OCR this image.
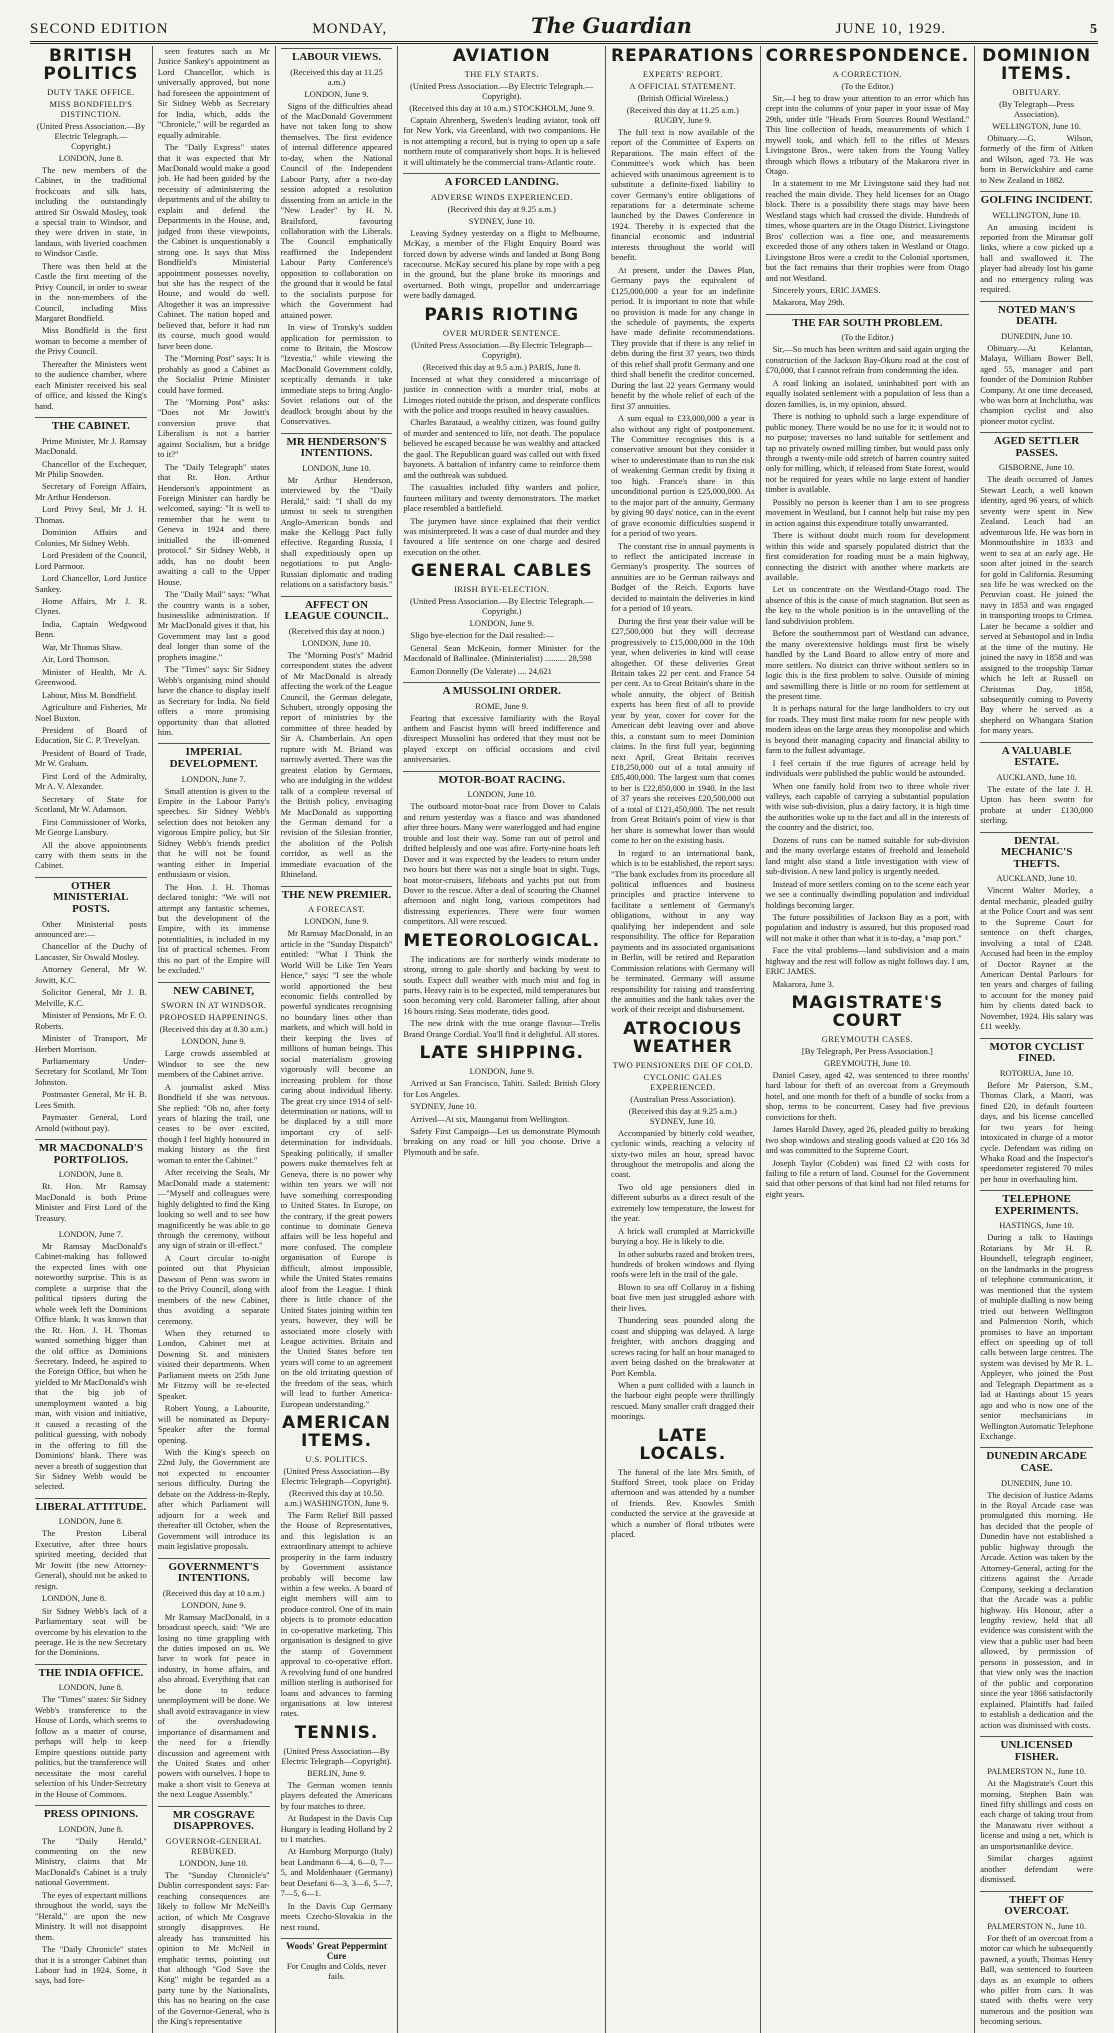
SECOND EDITION	MONDAY,	The Guardian	JUNE 10, 1929.	5
BRITISH POLITICS
DUTY TAKE OFFICE.
MISS BONDFIELD'S DISTINCTION.
(United Press Association.—By Electric Telegraph.—Copyright.)
LONDON, June 8.

The new members of the Cabinet, in the traditional frockcoats and silk hats, including the outstandingly attired Sir Oswald Mosley, took a special train to Windsor, and they were driven in state, in landaus, with liveried coachmen to Windsor Castle.

There was then held at the Castle the first meeting of the Privy Council, in order to swear in the non-members of the Council, including Miss Margaret Bondfield.

Miss Bondfield is the first woman to become a member of the Privy Council.

Thereafter the Ministers went to the audience chamber, where each Minister received his seal of office, and kissed the King's hand.

THE CABINET.

Prime Minister, Mr J. Ramsay MacDonald.

Chancellor of the Exchequer, Mr Philip Snowden.

Secretary of Foreign Affairs, Mr Arthur Henderson.

Lord Privy Seal, Mr J. H. Thomas.

Dominion Affairs and Colonies, Mr Sidney Webb.

Lord President of the Council, Lord Parmoor.

Lord Chancellor, Lord Justice Sankey.

Home Affairs, Mr J. R. Clynes.

India, Captain Wedgwood Benn.

War, Mr Thomas Shaw.

Air, Lord Thomson.

Minister of Health, Mr A. Greenwood.

Labour, Miss M. Bondfield.

Agriculture and Fisheries, Mr Noel Buxton.

President of Board of Education, Sir C. P. Trevelyan.

President of Board of Trade, Mr W. Graham.

First Lord of the Admiralty, Mr A. V. Alexander.

Secretary of State for Scotland, Mr W. Adamson.

First Commissioner of Works, Mr George Lansbury.

All the above appointments carry with them seats in the Cabinet.

OTHER MINISTERIAL POSTS.

Other Ministerial posts announced are:—

Chancellor of the Duchy of Lancaster, Sir Oswald Mosley.

Attorney General, Mr W. Jowitt, K.C.

Solicitor General, Mr J. B. Melville, K.C.

Minister of Pensions, Mr F. O. Roberts.

Minister of Transport, Mr Herbert Morrison.

Parliamentary Under-Secretary for Scotland, Mr Tom Johnston.

Postmaster General, Mr H. B. Lees Smith.

Paymaster General, Lord Arnold (without pay).

MR MACDONALD'S PORTFOLIOS.
LONDON, June 8.

Rt. Hon. Mr Ramsay MacDonald is both Prime Minister and First Lord of the Treasury.

LONDON, June 7.

Mr Ramsay MacDonald's Cabinet-making has followed the expected lines with one noteworthy surprise. This is as complete a surprise that the political tipsters during the whole week left the Dominions Office blank. It was known that the Rt. Hon. J. H. Thomas wanted something bigger than the old office as Dominions Secretary. Indeed, he aspired to the Foreign Office, but when he yielded to Mr MacDonald's wish that the big job of unemployment wanted a big man, with vision and initiative, it caused a recasting of the political guessing, with nobody in the offering to fill the Dominions' blank. There was never a breath of suggestion that Sir Sidney Webb would be selected.

LIBERAL ATTITUDE.
LONDON, June 8.

The Preston Liberal Executive, after three hours spirited meeting, decided that Mr Jowitt (the new Attorney-General), should not be asked to resign.

LONDON, June 8.

Sir Sidney Webb's lack of a Parliamentary seat will be overcome by his elevation to the peerage. He is the new Secretary for the Dominions.

THE INDIA OFFICE.
LONDON, June 8.

The "Times" states: Sir Sidney Webb's transference to the House of Lords, which seems to follow as a matter of course, perhaps will help to keep Empire questions outside party politics, but the transference will necessitate the most careful selection of his Under-Secretary in the House of Commons.

PRESS OPINIONS.
LONDON, June 8.

The "Daily Herald," commenting on the new Ministry, claims that Mr MacDonald's Cabinet is a truly national Government.

The eyes of expectant millions throughout the world, says the "Herald," are upon the new Ministry. It will not disappoint them.

The "Daily Chronicle" states that it is a stronger Cabinet than Labour had in 1924. Some, it says, had fore-

seen features such as Mr Justice Sankey's appointment as Lord Chancellor, which is universally approved, but none had foreseen the appointment of Sir Sidney Webb as Secretary for India, which, adds the "Chronicle," will be regarded as equally admirable.

The "Daily Express" states that it was expected that Mr MacDonald would make a good job. He had been guided by the necessity of administering the departments and of the ability to explain and defend the Departments in the House, and, judged from these viewpoints, the Cabinet is unquestionably a strong one. It says that Miss Bondfield's Ministerial appointment possesses novelty, but she has the respect of the House, and would do well. Altogether it was an impressive Cabinet. The nation hoped and believed that, before it had run its course, much good would have been done.

The "Morning Post" says: It is probably as good a Cabinet as the Socialist Prime Minister could have formed.

The "Morning Post" asks: "Does not Mr Jowitt's conversion prove that Liberalism is not a barrier against Socialism, but a bridge to it?"

The "Daily Telegraph" states that Rt. Hon. Arthur Henderson's appointment as Foreign Minister can hardly be welcomed, saying: "It is well to remember that he went to Geneva in 1924 and there initialled the ill-omened protocol." Sir Sidney Webb, it adds, has no doubt been awaiting a call to the Upper House.

The "Daily Mail" says: "What the country wants is a sober, businesslike administration. If Mr MacDonald gives it that, his Government may last a good deal longer than some of the prophets imagine."

The "Times" says: Sir Sidney Webb's organising mind should have the chance to display itself as Secretary for India. No field offers a more promising opportunity than that allotted him.

IMPERIAL DEVELOPMENT.
LONDON, June 7.

Small attention is given to the Empire in the Labour Party's speeches. Sir Sidney Webb's selection does not betoken any vigorous Empire policy, but Sir Sidney Webb's friends predict that he will not be found wanting either in Imperial enthusiasm or vision.

The Hon. J. H. Thomas declared tonight: "We will not attempt any fantastic schemes, but the development of the Empire, with its immense potentialities, is included in my list of practical schemes. From this no part of the Empire will be excluded."

NEW CABINET,
SWORN IN AT WINDSOR.
PROPOSED HAPPENINGS.
(Received this day at 8.30 a.m.)
LONDON, June 9.

Large crowds assembled at Windsor to see the new members of the Cabinet arrive.

A journalist asked Miss Bondfield if she was nervous. She replied: "Oh no, after forty years of blazing the trail, one ceases to be over excited, though I feel highly honoured in making history as the first woman to enter the Cabinet."

After receiving the Seals, Mr MacDonald made a statement:—"Myself and colleagues were highly delighted to find the King looking so well and to see how magnificently he was able to go through the ceremony, without any sign of strain or ill-effect."

A Court circular to-night pointed out that Physician Dawson of Penn was sworn in to the Privy Council, along with members of the new Cabinet, thus avoiding a separate ceremony.

When they returned to London, Cabinet met at Downing St. and ministers visited their departments. When Parliament meets on 25th June Mr Fitzroy will be re-elected Speaker.

Robert Young, a Labourite, will be nominated as Deputy-Speaker after the formal opening.

With the King's speech on 22nd July, the Government are not expected to encounter serious difficulty. During the debate on the Address-in-Reply, after which Parliament will adjourn for a week and thereafter till October, when the Government will introduce its main legislative proposals.

GOVERNMENT'S INTENTIONS.
(Received this day at 10 a.m.)
LONDON, June 9.

Mr Ramsay MacDonald, in a broadcast speech, said: "We are losing no time grappling with the duties imposed on us. We have to work for peace in industry, in home affairs, and also abroad. Everything that can be done to reduce unemployment will be done. We shall avoid extravagance in view of the overshadowing importance of disarmament and the need for a friendly discussion and agreement with the United States and other powers with ourselves. I hope to make a short visit to Geneva at the next League Assembly."

MR COSGRAVE DISAPPROVES.
GOVERNOR-GENERAL REBUKED.
LONDON, June 10.

The "Sunday Chronicle's" Dublin correspondent says: Far-reaching consequences are likely to follow Mr McNeill's action, of which Mr Cosgrave strongly disapproves. He already has transmitted his opinion to Mr McNeil in emphatic terms, pointing out that although "God Save the King" might be regarded as a party tune by the Nationalists, this has no bearing on the case of the Governor-General, who is the King's representative

LABOUR VIEWS.
(Received this day at 11.25 a.m.)
LONDON, June 9.

Signs of the difficulties ahead of the MacDonald Government have not taken long to show themselves. The first evidence of internal difference appeared to-day, when the National Council of the Independent Labour Party, after a two-day session adopted a resolution dissenting from an article in the "New Leader" by H. N. Brailsford, favouring collaboration with the Liberals. The Council emphatically reaffirmed the Independent Labour Party Conference's opposition to collaboration on the ground that it would be fatal to the socialists purpose for which the Government had attained power.

In view of Trotsky's sudden application for permission to come to Britain, the Moscow "Izvestia," while viewing the MacDonald Government coldly, sceptically demands it take immediate steps to bring Anglo-Soviet relations out of the deadlock brought about by the Conservatives.

MR HENDERSON'S INTENTIONS.
LONDON, June 10.

Mr Arthur Henderson, interviewed by the "Daily Herald," said: "I shall do my utmost to seek to strengthen Anglo-American bonds and make the Kellogg Pact fully effective. Regarding Russia, I shall expeditiously open up negotiations to put Anglo-Russian diplomatic and trading relations on a satisfactory basis."

AFFECT ON LEAGUE COUNCIL.
(Received this day at noon.)
LONDON, June 10.

The "Morning Post's" Madrid correspondent states the advent of Mr MacDonald is already affecting the work of the League Council, the German delegate, Schubert, strongly opposing the report of ministries by the committee of three headed by Sir A. Chamberlain. An open rupture with M. Briand was narrowly averted. There was the greatest elation by Germans, who are indulging in the wildest talk of a complete reversal of the British policy, envisaging Mr MacDonald as supporting the German demand for a revision of the Silesian frontier, the abolition of the Polish corridor, as well as the immediate evacuation of the Rhineland.

THE NEW PREMIER.
A FORECAST.
LONDON, June 9.

Mr Ramsay MacDonald, in an article in the "Sunday Dispatch" entitled: "What I Think the World Will be Like Ten Years Hence," says: "I see the whole world apportioned the best economic fields controlled by powerful syndicates recognising no boundary lines other than markets, and which will hold in their keeping the lives of millions of human beings. This social materialism growing vigorously will become an increasing problem for those caring about individual liberty. The great cry since 1914 of self-determination or nations, will to be displaced by a still more important cry of self-determination for individuals. Speaking politically, if smaller powers make themselves felt at Geneva, there is no power why within ten years we will not have something corresponding to United States. In Europe, on the contrary, if the great powers continue to dominate Geneva affairs will be less hopeful and more confused. The complete organisation of Europe is difficult, almost impossible, while the United States remains aloof from the League. I think there is little chance of the United States joining within ten years, however, they will be associated more closely with League activities. Britain and the United States before ten years will come to an agreement on the old irritating question of the freedom of the seas, which will lead to further America-European understanding."

AMERICAN ITEMS.
U.S. POLITICS.
(United Press Association—By Electric Telegraph—Copyright).
(Received this day at 10.50. a.m.) WASHINGTON, June 9.

The Farm Relief Bill passed the House of Representatives, and this legislation is an extraordinary attempt to achieve prosperity in the farm industry by Government assistance probably will become law within a few weeks. A board of eight members will aim to produce control. One of its main objects is to promote education in co-operative marketing. This organisation is designed to give the stamp of Government approval to co-operative effort. A revolving fund of one hundred million sterling is authorised for loans and advances to farming organisations at low interest rates.

TENNIS.
(United Press Association—By Electric Telegraph—Copyright).
BERLIN, June 9.

The German women tennis players defeated the Americans by four matches to three.

At Budapest in the Davis Cup Hungary is leading Holland by 2 to 1 matches.

At Hamburg Morpurgo (Italy) beat Landmann 6—4, 6—0, 7—5, and Moldenhauer (Germany) beat Desefani 6—3, 3—6, 5—7, 7—5, 6—1.

In the Davis Cup Germany meets Czecho-Slovakia in the next round.

Woods' Great Peppermint Cure
For Coughs and Colds, never fails.
AVIATION
THE FLY STARTS.
(United Press Association.—By Electric Telegraph.—Copyright).
(Received this day at 10 a.m.) STOCKHOLM, June 9.

Captain Ahrenberg, Sweden's leading aviator, took off for New York, via Greenland, with two companions. He is not attempting a record, but is trying to open up a safe northern route of comparatively short hops. It is believed it will ultimately be the commercial trans-Atlantic route.

A FORCED LANDING.
ADVERSE WINDS EXPERIENCED.
(Received this day at 9.25 a.m.)
SYDNEY, June 10.

Leaving Sydney yesterday on a flight to Melbourne, McKay, a member of the Flight Enquiry Board was forced down by adverse winds and landed at Bong Bong racecourse. McKay secured his plane by rope with a peg in the ground, but the plane broke its moorings and overturned. Both wings, propellor and undercarriage were badly damaged.

PARIS RIOTING
OVER MURDER SENTENCE.
(United Press Association.—By Electric Telegraph—Copyright).
(Received this day at 9.5 a.m.) PARIS, June 8.

Incensed at what they considered a miscarriage of justice in connection with a murder trial, mobs at Limoges rioted outside the prison, and desperate conflicts with the police and troops resulted in heavy casualties.

Charles Barataud, a wealthy citizen, was found guilty of murder and sentenced to life, not death. The populace believed he escaped because he was wealthy and attacked the gaol. The Republican guard was called out with fixed bayonets. A battalion of infantry came to reinforce them and the outbreak was subdued.

The casualties included fifty warders and police, fourteen military and twenty demonstrators. The market place resembled a battlefield.

The jurymen have since explained that their verdict was misinterpreted. It was a case of dual murder and they favoured a life sentence on one charge and desired execution on the other.

GENERAL CABLES
IRISH BYE-ELECTION.
(United Press Association.—By Electric Telegraph.—Copyright.)
LONDON, June 9.

Sligo bye-election for the Dail resulted:—

General Sean McKeoin, former Minister for the Macdonald of Ballinalee. (Ministerialist) .......... 28,598

Eamon Donnelly (De Valerate) .... 24,621

A MUSSOLINI ORDER.
ROME, June 9.

Fearing that excessive familiarity with the Royal anthem and Fascist hymn will breed indifference and disrespect Mussolini has ordered that they must not be played except on official occasions and civil anniversaries.

MOTOR-BOAT RACING.
LONDON, June 10.

The outboard motor-boat race from Dover to Calais and return yesterday was a fiasco and was abandoned after three hours. Many were waterlogged and had engine trouble and lost their way. Some ran out of petrol and drifted helplessly and one was afire. Forty-nine boats left Dover and it was expected by the leaders to return under two hours but there was not a single boat in sight. Tugs, boat motor-cruisers, lifeboats and yachts put out from Dover to the rescue. After a deal of scouring the Channel afternoon and night long, various competitors had distressing experiences. There were four women competitors. All were rescued.

METEOROLOGICAL.

The indications are for northerly winds moderate to strong, strong to gale shortly and backing by west to south. Expect dull weather with much mist and fog in parts. Heavy rain is to be expected, mild temperatures but soon becoming very cold. Barometer falling, after about 16 hours rising. Seas moderate, tides good.

The new drink with the true orange flavour—Trelis Brand Orange Cordial. You'll find it delightful. All stores.

LATE SHIPPING.
LONDON, June 9.

Arrived at San Francisco, Tahiti. Sailed: British Glory for Los Angeles.

SYDNEY, June 10.

Arrived—At six, Maunganui from Wellington.

Safety First Campaign—Let us demonstrate Plymouth breaking on any road or hill you choose. Drive a Plymouth and be safe.

REPARATIONS
EXPERTS' REPORT.
A OFFICIAL STATEMENT.
(British Official Wireless.)
(Received this day at 11.25 a.m.) RUGBY, June 9.

The full text is now available of the report of the Committee of Experts on Reparations. The main effect of the Committee's work which has been achieved with unanimous agreement is to substitute a definite-fixed liability to cover Germany's entire obligations of reparations for a determinate scheme launched by the Dawes Conference in 1924. Thereby it is expected that the financial economic and industrial interests throughout the world will benefit.

At present, under the Dawes Plan, Germany pays the equivalent of £125,000,000 a year for an indefinite period. It is important to note that while no provision is made for any change in the schedule of payments, the experts have made definite recommendations. They provide that if there is any relief in debts during the first 37 years, two thirds of this relief shall profit Germany and one third shall benefit the creditor concerned. During the last 22 years Germany would benefit by the whole relief of each of the first 37 annuities.

A sum equal to £33,000,000 a year is also without any right of postponement. The Committee recognises this is a conservative amount but they consider it wiser to underestimate than to run the risk of weakening German credit by fixing it too high. France's share in this unconditional portion is £25,000,000. As to the major part of the annuity, Germany by giving 90 days' notice, can in the event of grave economic difficulties suspend it for a period of two years.

The constant rise in annual payments is to reflect the anticipated increase in Germany's prosperity. The sources of annuities are to be German railways and Budget of the Reich. Exports have decided to maintain the deliveries in kind for a period of 10 years.

During the first year their value will be £27,500,000 but they will decrease progressively to £15,000,000 in the 10th year, when deliveries in kind will cease altogether. Of these deliveries Great Britain takes 22 per cent. and France 54 per cent. As to Great Britain's share in the whole annuity, the object of British experts has been first of all to provide year by year, cover for cover for the American debt leaving over and above this, a constant sum to meet Dominion claims. In the first full year, beginning next April, Great Britain receives £18,250,000 out of a total annuity of £85,400,000. The largest sum that comes to her is £22,850,000 in 1940. In the last of 37 years she receives £20,500,000 out of a total of £121,450,000. The net result from Great Britain's point of view is that her share is somewhat lower than would come to her on the existing basis.

In regard to an international bank, which is to be established, the report says: "The bank excludes from its procedure all political influences and business principles and practice intervene to facilitate a settlement of Germany's obligations, without in any way qualifying her independent and sole responsibility. The office for Reparation payments and its associated organisations in Berlin, will be retired and Reparation Commission relations with Germany will be terminated. Germany will assume responsibility for raising and transferring the annuities and the bank takes over the work of their receipt and disbursement.

ATROCIOUS WEATHER
TWO PENSIONERS DIE OF COLD.
CYCLONIC GALES EXPERIENCED.
(Australian Press Association).
(Received this day at 9.25 a.m.) SYDNEY, June 10.

Accompanied by bitterly cold weather, cyclonic winds, reaching a velocity of sixty-two miles an hour, spread havoc throughout the metropolis and along the coast.

Two old age pensioners died in different suburbs as a direct result of the extremely low temperature, the lowest for the year.

A brick wall crumpled at Marrickville burying a boy. He is likely to die.

In other suburbs razed and broken trees, hundreds of broken windows and flying roofs were left in the trail of the gale.

Blown to sea off Collaroy in a fishing boat five men just struggled ashore with their lives.

Thundering seas pounded along the coast and shipping was delayed. A large freighter, with anchors dragging and screws racing for half an hour managed to avert being dashed on the breakwater at Port Kembla.

When a punt collided with a launch in the harbour eight people were thrillingly rescued. Many smaller craft dragged their moorings.

LATE LOCALS.

The funeral of the late Mrs Smith, of Stafford Street, took place on Friday afternoon and was attended by a number of friends. Rev. Knowles Smith conducted the service at the graveside at which a number of floral tributes were placed.

CORRESPONDENCE.
A CORRECTION.
(To the Editor.)

Sir,—I beg to draw your attention to an error which has crept into the columns of your paper in your issue of May 29th, under title "Heads From Sources Round Westland." This line collection of heads, measurements of which I mywell took, and which fell to the rifles of Messrs Livingstone Bros., were taken from the Young Valley through which flows a tributary of the Makarora river in Otago.

In a statement to me Mr Livingstone said they had not reached the main divide. They held licenses for an Otago block. There is a possibility there stags may have been Westland stags which had crossed the divide. Hundreds of times, whose quarters are in the Otago District. Livingstone Bros' collection was a fine one, and measurements exceeded those of any others taken in Westland or Otago. Livingstone Bros were a credit to the Colonial sportsmen, but the fact remains that their trophies were from Otago and not Westland.

Sincerely yours, ERIC JAMES.

Makarora, May 29th.

THE FAR SOUTH PROBLEM.
(To the Editor.)

Sir,—So much has been written and said again urging the construction of the Jackson Bay-Okuru road at the cost of £70,000, that I cannot refrain from condemning the idea.

A road linking an isolated, uninhabited port with an equally isolated settlement with a population of less than a dozen families, is, in my opinion, absurd.

There is nothing to uphold such a large expenditure of public money. There would be no use for it; it would not to no purpose; traverses no land suitable for settlement and tap no privately owned milling timber, but would pass only through a twenty-mile odd stretch of barren country suited only for milling, which, if released from State forest, would not be required for years while no large extent of handier timber is available.

Possibly no person is keener than I am to see progress movement in Westland, but I cannot help but raise my pen in action against this expenditure totally unwarranted.

There is without doubt much room for development within this wide and sparsely populated district that the first consideration for roading must be a main highway, connecting the district with another where markets are available.

Let us concentrate on the Westland-Otago road. The absence of this is the cause of much stagnation. But seen as the key to the whole position is in the unravelling of the land subdivision problem.

Before the southernmost part of Westland can advance, the many overextensive holdings must first be wisely handled by the Land Board to allow entry of more and more settlers. No district can thrive without settlers so in logic this is the first problem to solve. Outside of mining and sawmilling there is little or no room for settlement at the present time.

It is perhaps natural for the large landholders to cry out for roads. They must first make room for new people with modern ideas on the large areas they monopolise and which is beyond their managing capacity and financial ability to farm to the fullest advantage.

I feel certain if the true figures of acreage held by individuals were published the public would be astounded.

When one family hold from two to three whole river valleys, each capable of carrying a substantial population with wise sub-division, plus a dairy factory, it is high time the authorities woke up to the fact and all in the interests of the country and the district, too.

Dozens of runs can be named suitable for sub-division and the many overlarge estates of freehold and leasehold land might also stand a little investigation with view of sub-division. A new land policy is urgently needed.

Instead of more settlers coming on to the scene each year we see a continually dwindling population and individual holdings becoming larger.

The future possibilities of Jackson Bay as a port, with population and industry is assured, but this proposed road will not make it other than what it is to-day, a "map port."

Face the vital problems—land subdivision and a main highway and the rest will follow as night follows day. I am, ERIC JAMES.

Makarora, June 3.

MAGISTRATE'S COURT
GREYMOUTH CASES.
[By Telegraph, Per Press Association.]
GREYMOUTH, June 10.

Daniel Casey, aged 42, was sentenced to three months' hard labour for theft of an overcoat from a Greymouth hotel, and one month for theft of a bundle of socks from a shop, terms to be concurrent. Casey had five previous convictions for theft.

James Harold Davey, aged 26, pleaded guilty to breaking two shop windows and stealing goods valued at £20 16s 3d and was committed to the Supreme Court.

Joseph Taylor (Cobden) was fined £2 with costs for failing to file a return of land. Counsel for the Government said that other persons of that kind had not filed returns for eight years.

DOMINION ITEMS.
OBITUARY.
(By Telegraph—Press Association).
WELLINGTON, June 10.

Obituary.—G. Wilson, formerly of the firm of Aitken and Wilson, aged 73. He was born in Berwickshire and came to New Zealand in 1882.

GOLFING INCIDENT.
WELLINGTON, June 10.

An amusing incident is reported from the Miramar golf links, where a cow picked up a ball and swallowed it. The player had already lost his game and no emergency ruling was required.

NOTED MAN'S DEATH.
DUNEDIN, June 10.

Obituary.—At Kelantan, Malaya, William Bower Bell, aged 55, manager and part founder of the Dominion Rubber Company. At one time deceased, who was born at Inchclutha, was champion cyclist and also pioneer motor cyclist.

AGED SETTLER PASSES.
GISBORNE, June 10.

The death occurred of James Stewart Leach, a well known identity, aged 96 years, of which seventy were spent in New Zealand. Leach had an adventurous life. He was born in Monmouthshire in 1833 and went to sea at an early age. He soon after joined in the search for gold in California. Resuming sea life he was wrecked on the Peruvian coast. He joined the navy in 1853 and was engaged in transporting troops to Crimea. Later he became a soldier and served at Sebastopol and in India at the time of the mutiny. He joined the navy in 1858 and was assigned to the troopship Tamar which he left at Russell on Christmas Day, 1858, subsequently coming to Poverty Bay where he served as a shepherd on Whangara Station for many years.

A VALUABLE ESTATE.
AUCKLAND, June 10.

The estate of the late J. H. Upton has been sworn for probate at under £130,000 sterling.

DENTAL MECHANIC'S THEFTS.
AUCKLAND, June 10.

Vincent Walter Morley, a dental mechanic, pleaded guilty at the Police Court and was sent to the Supreme Court for sentence on theft charges, involving a total of £248. Accused had been in the employ of Doctor Rayner at the American Dental Parlours for ten years and charges of failing to account for the money paid him by clients dated back to November, 1924. His salary was £11 weekly.

MOTOR CYCLIST FINED.
ROTORUA, June 10.

Before Mr Paterson, S.M., Thomas Clark, a Maori, was fined £20, in default fourteen days, and his license cancelled for two years for being intoxicated in charge of a motor cycle. Defendant was riding on Whaka Road and the Inspector's speedometer registered 70 miles per hour in overhauling him.

TELEPHONE EXPERIMENTS.
HASTINGS, June 10.

During a talk to Hastings Rotarians by Mr H. R. Houndsell, telegraph engineer, on the landmarks in the progress of telephone communication, it was mentioned that the system of multiple dialling is now being tried out between Wellington and Palmerston North, which promises to have an important effect on speeding up of toll calls between large centres. The system was devised by Mr R. L. Appleyer, who joined the Post and Telegraph Department as a lad at Hastings about 15 years ago and who is now one of the senior mechanicians in Wellington Automatic Telephone Exchange.

DUNEDIN ARCADE CASE.
DUNEDIN, June 10.

The decision of Justice Adams in the Royal Arcade case was promulgated this morning. He has decided that the people of Dunedin have not established a public highway through the Arcade. Action was taken by the Attorney-General, acting for the citizens against the Arcade Company, seeking a declaration that the Arcade was a public highway. His Honour, after a lengthy review, held that all evidence was consistent with the view that a public user had been allowed, by permission of persons in possession, and in that view only was the inaction of the public and corporation since the year 1866 satisfactorily explained. Plaintiffs had failed to establish a dedication and the action was dismissed with costs.

UNLICENSED FISHER.
PALMERSTON N., June 10.

At the Magistrate's Court this morning, Stephen Bain was fined fifty shillings and costs on each charge of taking trout from the Manawatu river without a license and using a net, which is an unsportsmanlike device.

Similar charges against another defendant were dismissed.

THEFT OF OVERCOAT.
PALMERSTON N., June 10.

For theft of an overcoat from a motor car which he subsequently pawned, a youth, Thomas Henry Ball, was sentenced to fourteen days as an example to others who pilfer from cars. It was stated with thefts were very numerous and the position was becoming serious.
